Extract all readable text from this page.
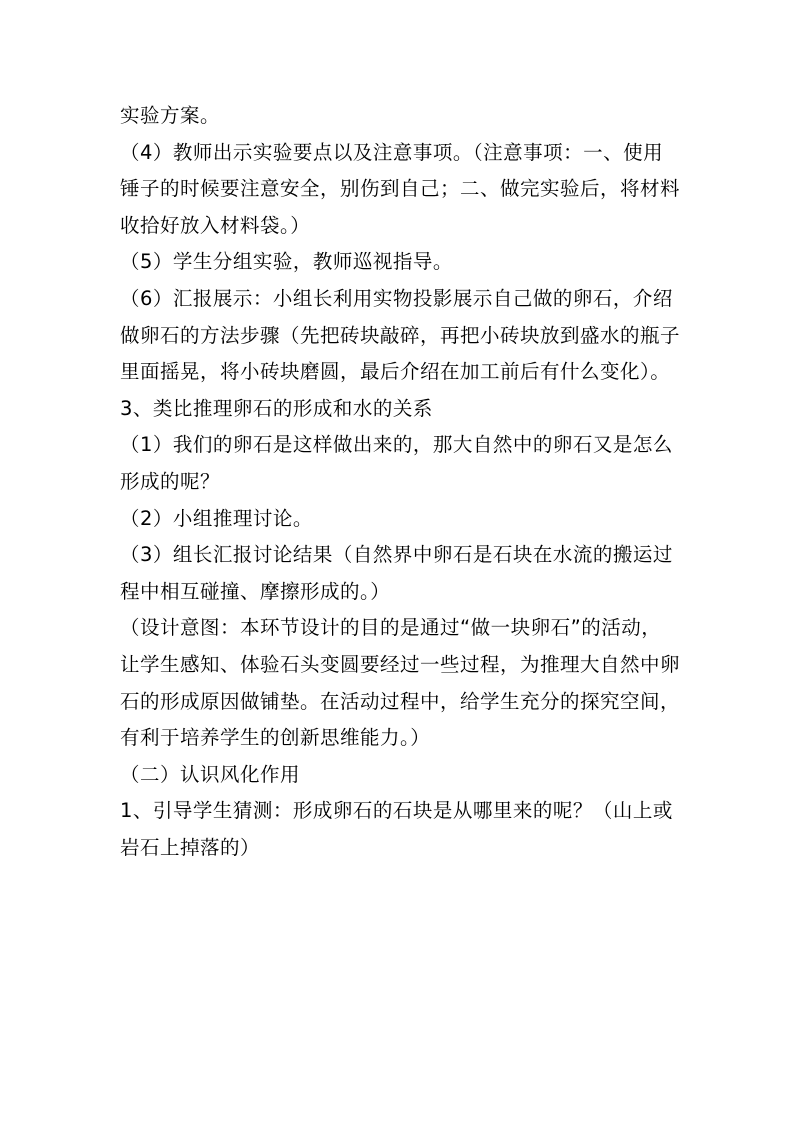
实验方案。

（4）教师出示实验要点以及注意事项。（注意事项：一、使用锤子的时候要注意安全，别伤到自己；二、做完实验后，将材料收拾好放入材料袋。）

（5）学生分组实验，教师巡视指导。

（6）汇报展示：小组长利用实物投影展示自己做的卵石，介绍做卵石的方法步骤（先把砖块敲碎，再把小砖块放到盛水的瓶子里面摇晃，将小砖块磨圆，最后介绍在加工前后有什么变化）。

3、类比推理卵石的形成和水的关系

（1）我们的卵石是这样做出来的，那大自然中的卵石又是怎么形成的呢？

（2）小组推理讨论。

（3）组长汇报讨论结果（自然界中卵石是石块在水流的搬运过程中相互碰撞、摩擦形成的。）

（设计意图：本环节设计的目的是通过“做一块卵石”的活动，让学生感知、体验石头变圆要经过一些过程，为推理大自然中卵石的形成原因做铺垫。在活动过程中，给学生充分的探究空间，有利于培养学生的创新思维能力。）

（二）认识风化作用

1、引导学生猜测：形成卵石的石块是从哪里来的呢？（山上或岩石上掉落的）
